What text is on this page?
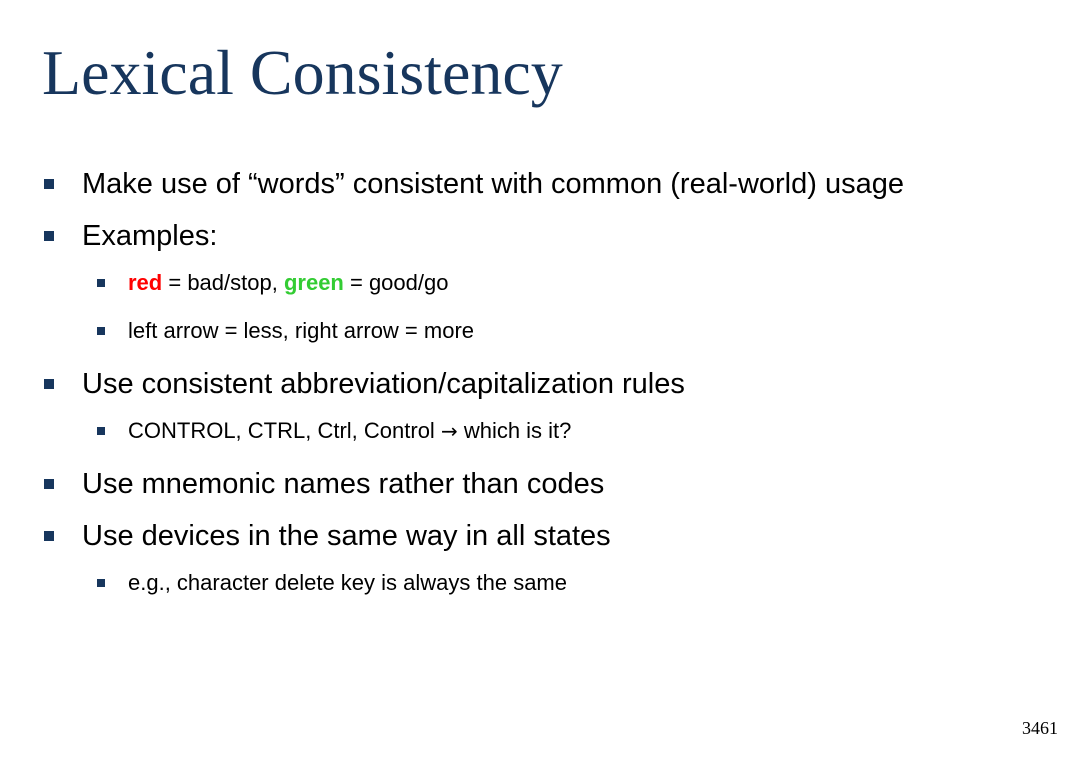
Lexical Consistency
Make use of “words” consistent with common (real-world) usage
Examples:
red = bad/stop, green = good/go
left arrow = less, right arrow = more
Use consistent abbreviation/capitalization rules
CONTROL, CTRL, Ctrl, Control → which is it?
Use mnemonic names rather than codes
Use devices in the same way in all states
e.g., character delete key is always the same
3461
